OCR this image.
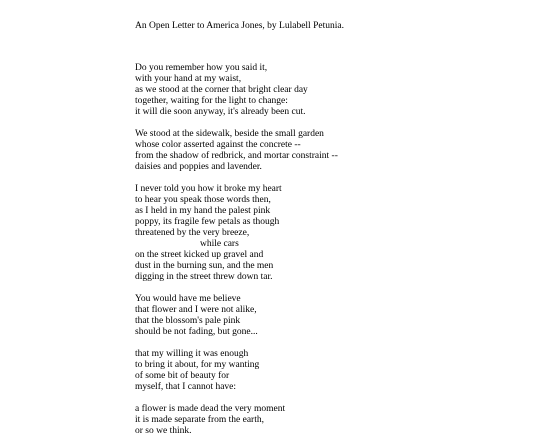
An Open Letter to America Jones, by Lulabell Petunia.
Do you remember how you said it,
with your hand at my waist,
as we stood at the corner that bright clear day
together, waiting for the light to change:
it will die soon anyway, it's already been cut.
We stood at the sidewalk, beside the small garden
whose color asserted against the concrete --
from the shadow of redbrick, and mortar constraint --
daisies and poppies and lavender.
I never told you how it broke my heart
to hear you speak those words then,
as I held in my hand the palest pink
poppy, its fragile few petals as though
threatened by the very breeze,
while cars
on the street kicked up gravel and
dust in the burning sun, and the men
digging in the street threw down tar.
You would have me believe
that flower and I were not alike,
that the blossom's pale pink
should be not fading, but gone...
that my willing it was enough
to bring it about, for my wanting
of some bit of beauty for
myself, that I cannot have:
a flower is made dead the very moment
it is made separate from the earth,
or so we think.
